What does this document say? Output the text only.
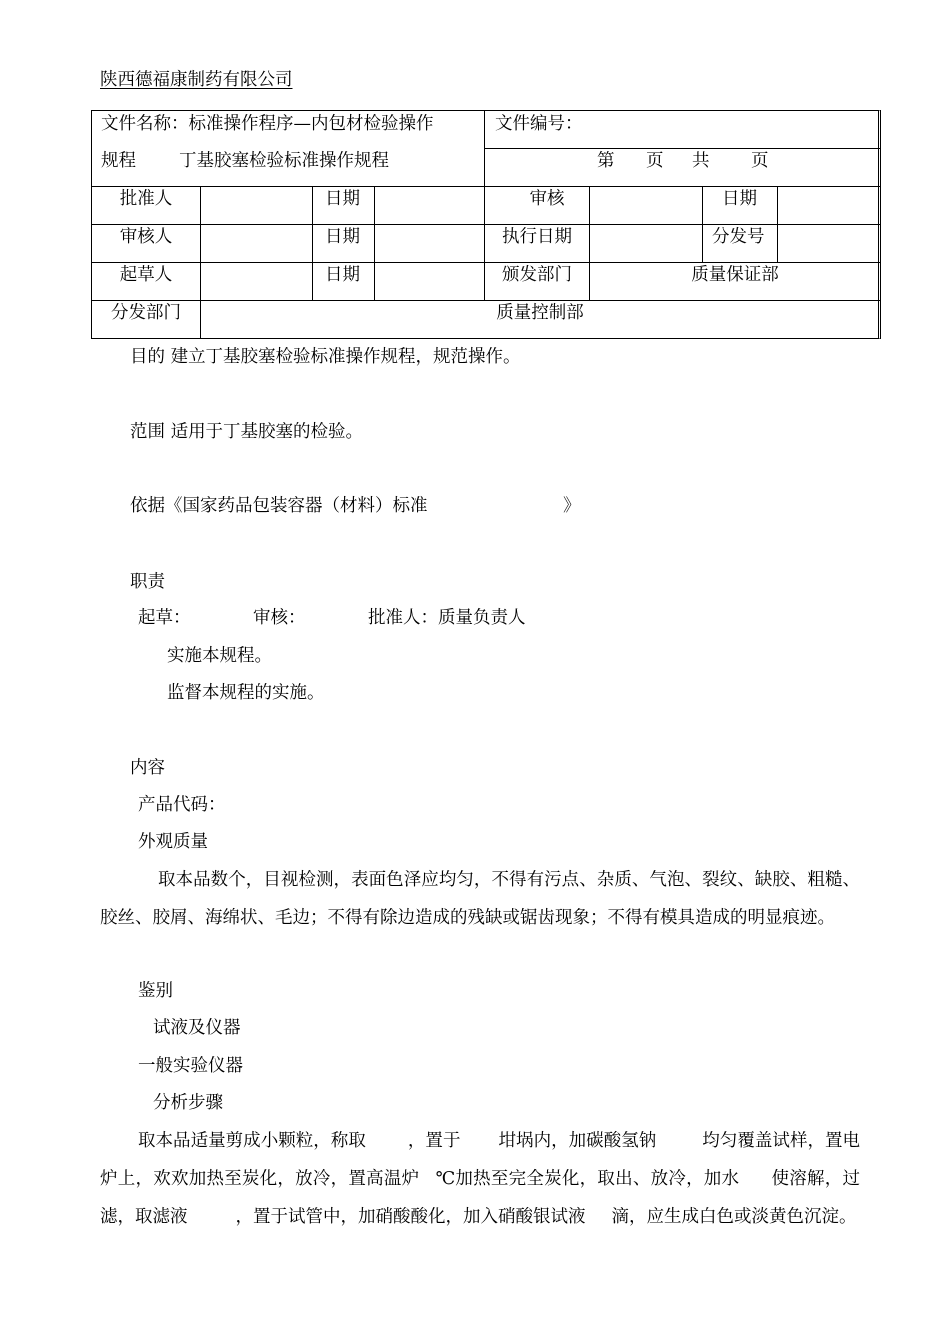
陕西德福康制药有限公司
文件名称：标准操作程序—内包材检验操作
规程 丁基胶塞检验标准操作规程
文件编号：
第 页 共 页
批准人	日期	审核	日期
审核人	日期	执行日期	分发号
起草人	日期	颁发部门	质量保证部
分发部门	质量控制部
目的 建立丁基胶塞检验标准操作规程，规范操作。
范围 适用于丁基胶塞的检验。
依据《国家药品包装容器（材料）标准	》
职责
起草：	审核：	批准人：质量负责人
实施本规程。
监督本规程的实施。
内容
产品代码：
外观质量
取本品数个，目视检测，表面色泽应均匀，不得有污点、杂质、气泡、裂纹、缺胶、粗糙、胶丝、胶屑、海绵状、毛边；不得有除边造成的残缺或锯齿现象；不得有模具造成的明显痕迹。
鉴别
试液及仪器
一般实验仪器
分析步骤
取本品适量剪成小颗粒，称取 ，置于 坩埚内，加碳酸氢钠	均匀覆盖试样，置电炉上，欢欢加热至炭化，放冷，置高温炉 ℃加热至完全炭化，取出、放冷，加水 使溶解，过滤，取滤液	，置于试管中，加硝酸酸化，加入硝酸银试液 滴，应生成白色或淡黄色沉淀。
